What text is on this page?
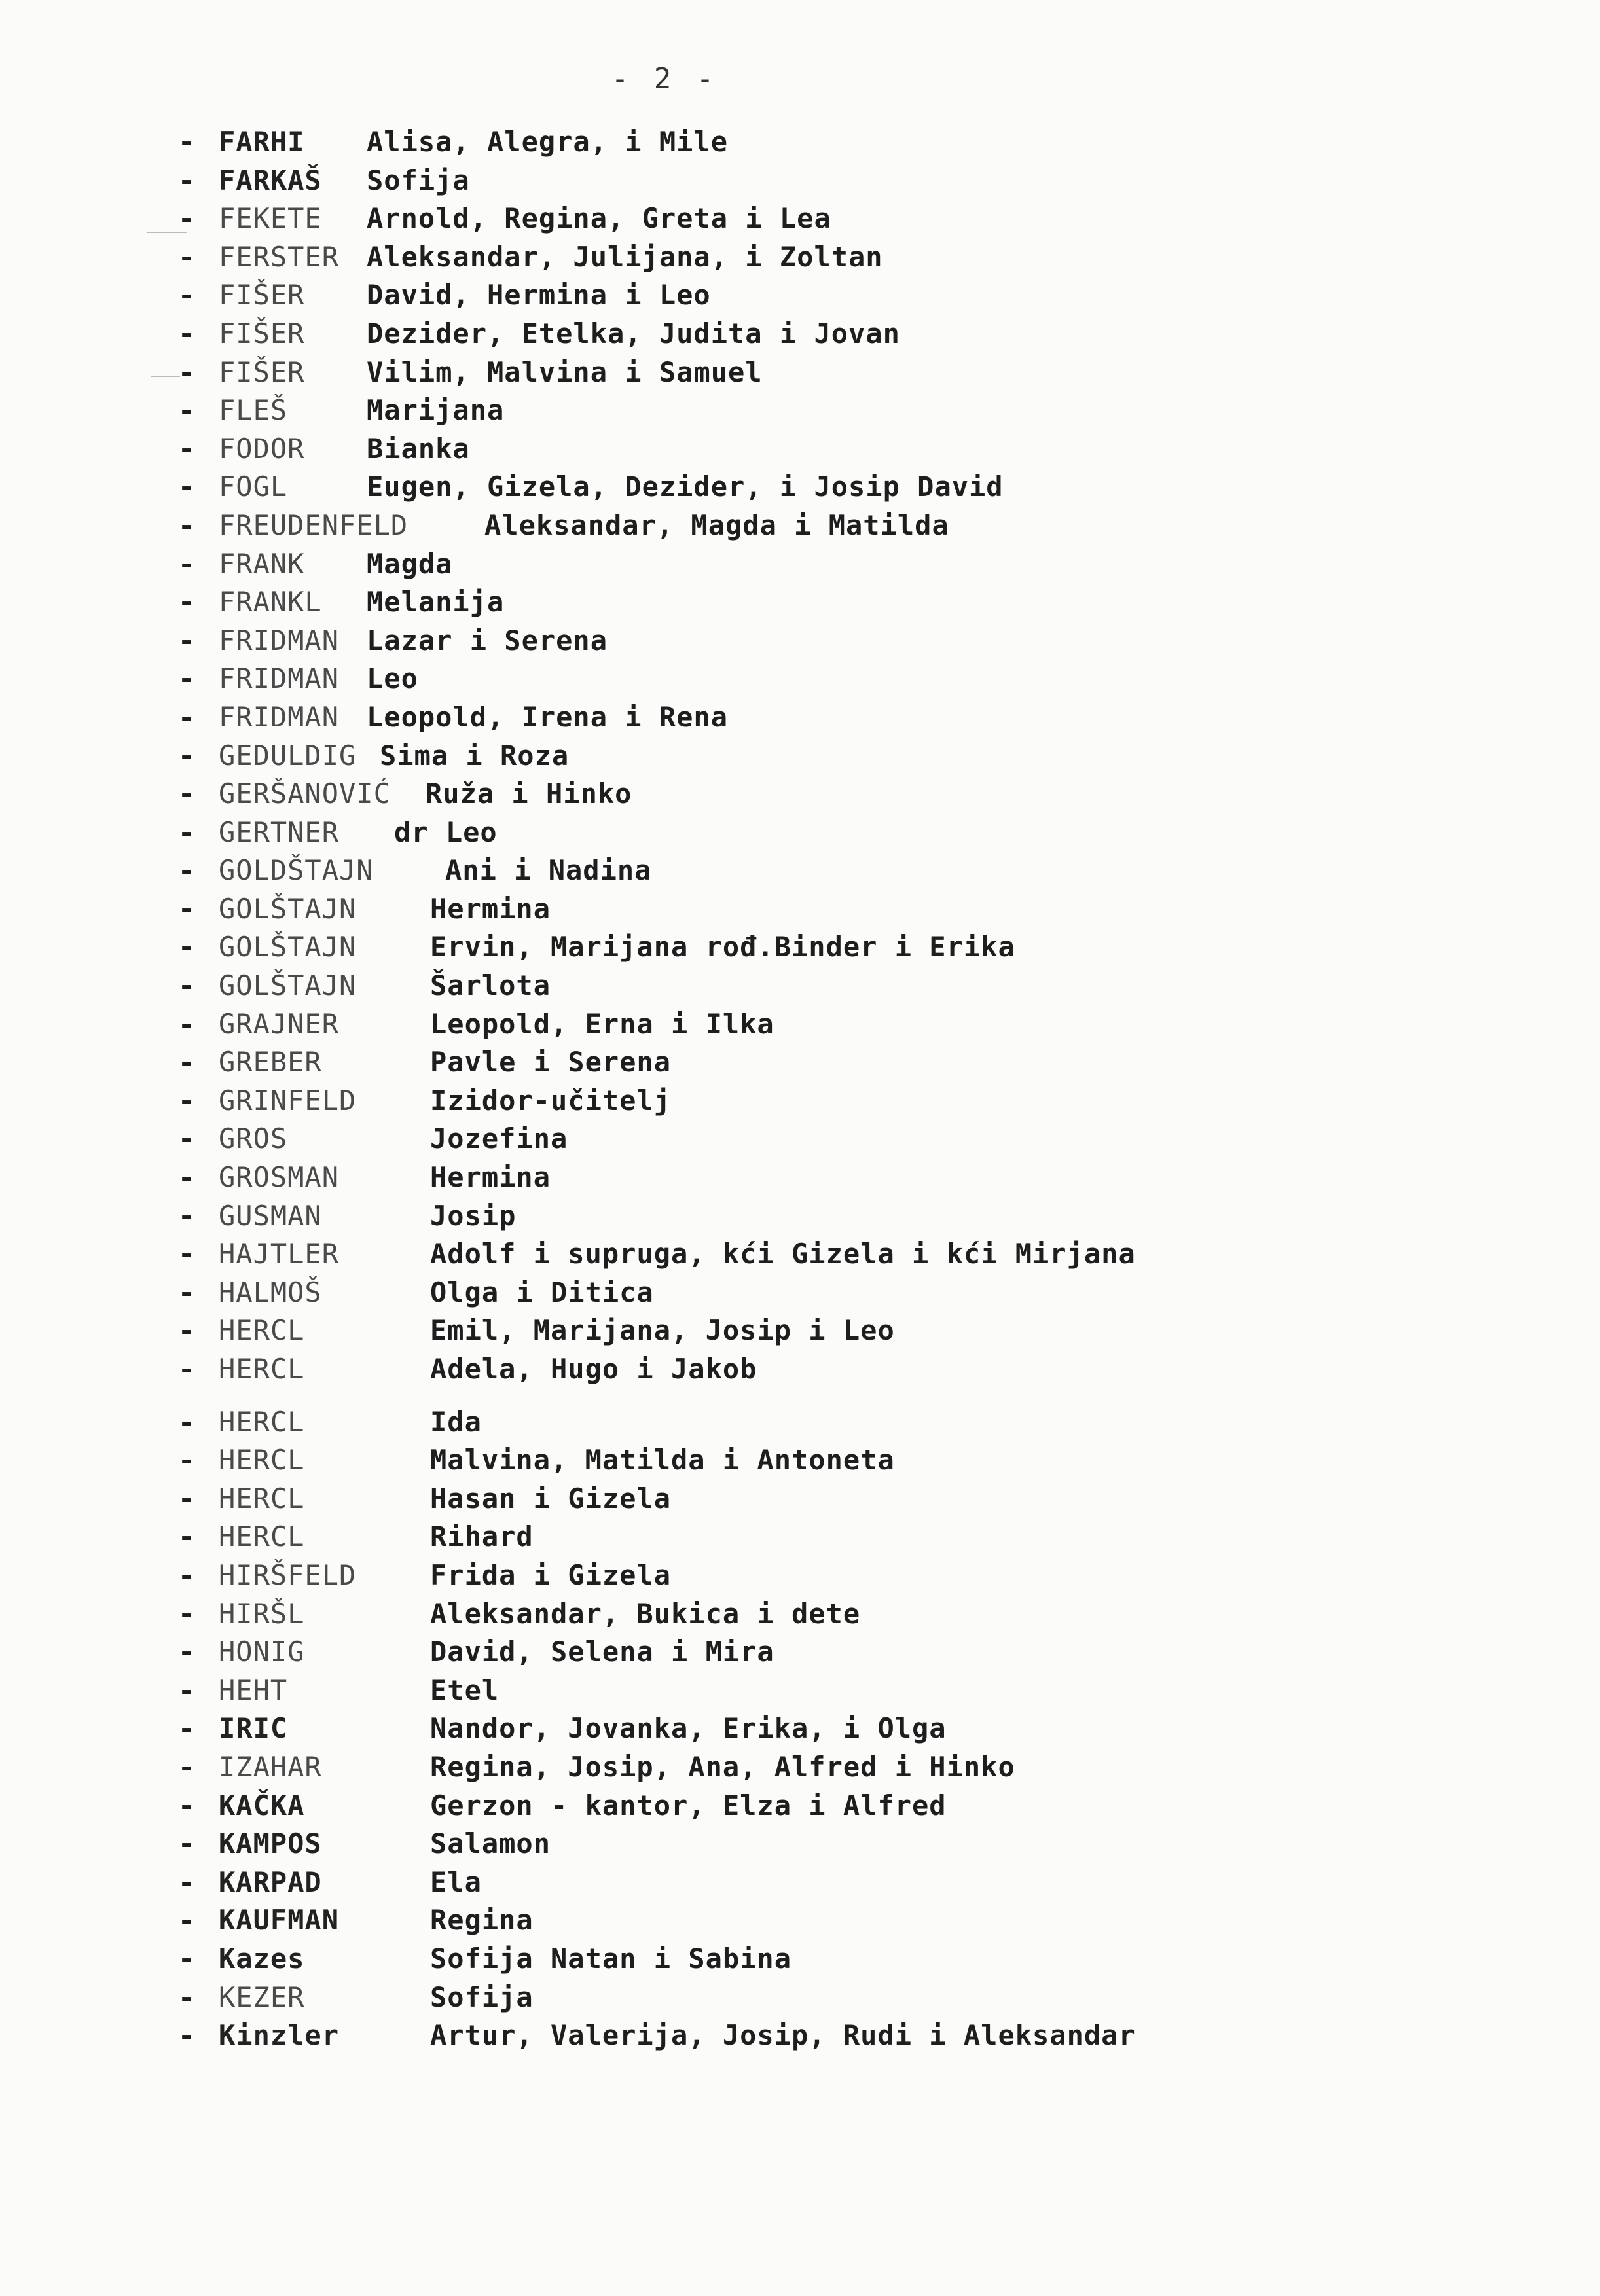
- 2 -
- FARHI Alisa, Alegra, i Mile
- FARKAŠ Sofija
- FEKETE Arnold, Regina, Greta i Lea
- FERSTER Aleksandar, Julijana, i Zoltan
- FIŠER David, Hermina i Leo
- FIŠER Dezider, Etelka, Judita i Jovan
- FIŠER Vilim, Malvina i Samuel
- FLEŠ	Marijana
- FODOR Bianka
- FOGL	Eugen, Gizela, Dezider, i Josip David
- FREUDENFELD	Aleksandar, Magda i Matilda
- FRANK Magda
- FRANKL Melanija
- FRIDMAN Lazar i Serena
- FRIDMAN Leo
- FRIDMAN Leopold, Irena i Rena
- GEDULDIG Sima i Roza
- GERŠANOVIĆ Ruža i Hinko
- GERTNER dr Leo
- GOLDŠTAJN	Ani i Nadina
- GOLŠTAJN	Hermina
- GOLŠTAJN	Ervin, Marijana rođ.Binder i Erika
- GOLŠTAJN	Šarlota
- GRAJNER	Leopold, Erna i Ilka
- GREBER	Pavle i Serena
- GRINFELD	Izidor-učitelj
- GROS	Jozefina
- GROSMAN	Hermina
- GUSMAN	Josip
- HAJTLER	Adolf i supruga, kći Gizela i kći Mirjana
- HALMOŠ	Olga i Ditica
- HERCL	Emil, Marijana, Josip i Leo
- HERCL	Adela, Hugo i Jakob
- HERCL	Ida
- HERCL	Malvina, Matilda i Antoneta
- HERCL	Hasan i Gizela
- HERCL	Rihard
- HIRŠFELD	Frida i Gizela
- HIRŠL	Aleksandar, Bukica i dete
- HONIG	David, Selena i Mira
- HEHT	Etel
- IRIC	Nandor, Jovanka, Erika, i Olga
- IZAHAR	Regina, Josip, Ana, Alfred i Hinko
- KAČKA	Gerzon - kantor, Elza i Alfred
- KAMPOS	Salamon
- KARPAD	Ela
- KAUFMAN	Regina
- Kazes	Sofija Natan i Sabina
- KEZER	Sofija
- Kinzler	Artur, Valerija, Josip, Rudi i Aleksandar
